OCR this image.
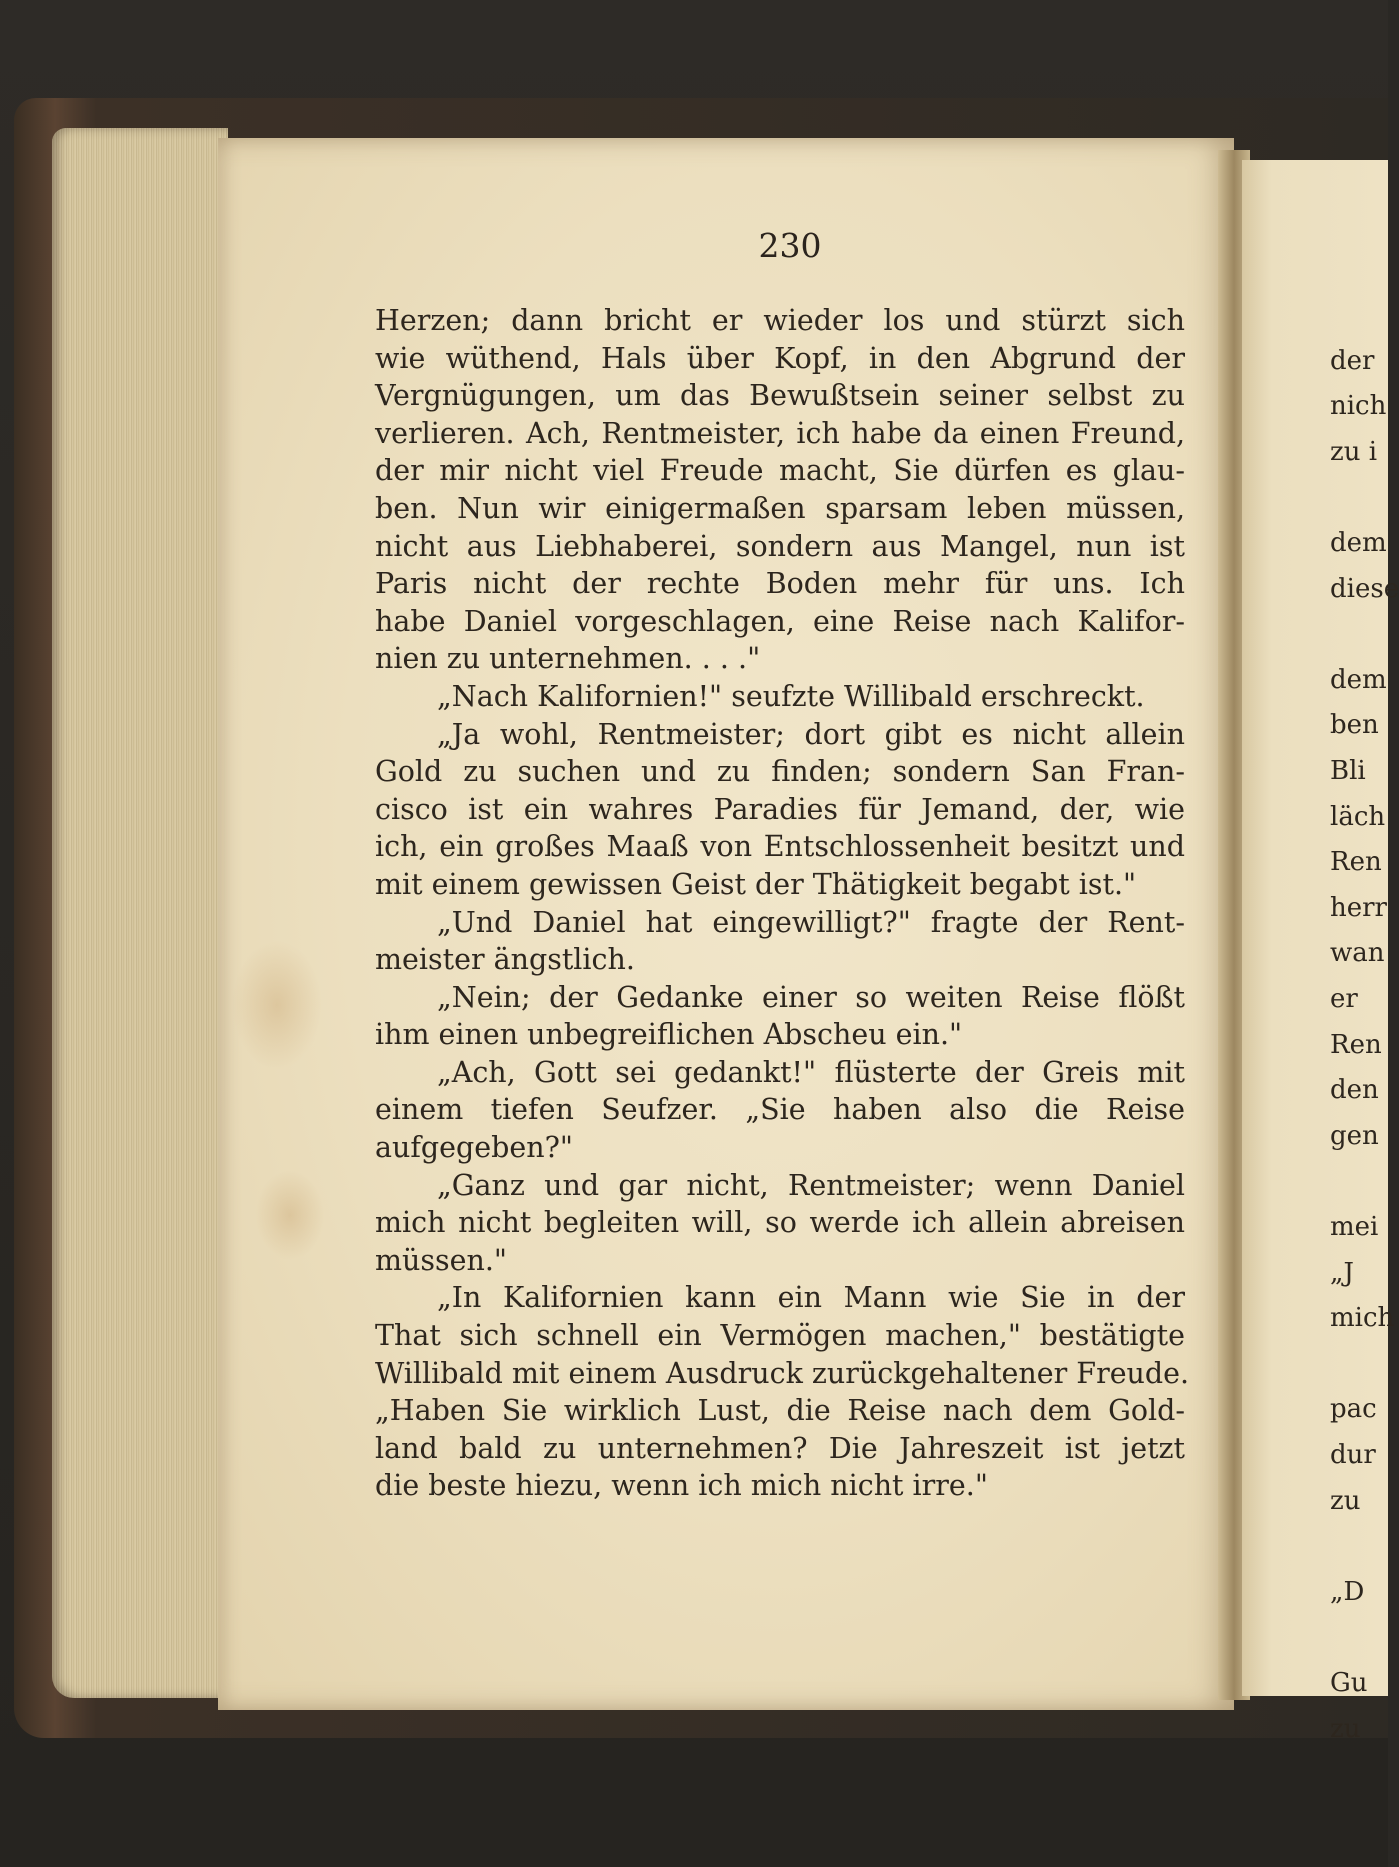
230
Herzen; dann bricht er wieder los und stürzt sich
wie wüthend, Hals über Kopf, in den Abgrund der
Vergnügungen, um das Bewußtsein seiner selbst zu
verlieren. Ach, Rentmeister, ich habe da einen Freund,
der mir nicht viel Freude macht, Sie dürfen es glau-
ben. Nun wir einigermaßen sparsam leben müssen,
nicht aus Liebhaberei, sondern aus Mangel, nun ist
Paris nicht der rechte Boden mehr für uns. Ich
habe Daniel vorgeschlagen, eine Reise nach Kalifor-
nien zu unternehmen. . . ."
„Nach Kalifornien!" seufzte Willibald erschreckt.
„Ja wohl, Rentmeister; dort gibt es nicht allein
Gold zu suchen und zu finden; sondern San Fran-
cisco ist ein wahres Paradies für Jemand, der, wie
ich, ein großes Maaß von Entschlossenheit besitzt und
mit einem gewissen Geist der Thätigkeit begabt ist."
„Und Daniel hat eingewilligt?" fragte der Rent-
meister ängstlich.
„Nein; der Gedanke einer so weiten Reise flößt
ihm einen unbegreiflichen Abscheu ein."
„Ach, Gott sei gedankt!" flüsterte der Greis mit
einem tiefen Seufzer. „Sie haben also die Reise
aufgegeben?"
„Ganz und gar nicht, Rentmeister; wenn Daniel
mich nicht begleiten will, so werde ich allein abreisen
müssen."
„In Kalifornien kann ein Mann wie Sie in der
That sich schnell ein Vermögen machen," bestätigte
Willibald mit einem Ausdruck zurückgehaltener Freude.
„Haben Sie wirklich Lust, die Reise nach dem Gold-
land bald zu unternehmen? Die Jahreszeit ist jetzt
die beste hiezu, wenn ich mich nicht irre."
der
nich
zu i
dem
diese
dem
ben
Bli
läch
Ren
herr
wan
er
Ren
den
gen
mei
„J
mich
pac
dur
zu
„D
Gu
zu
